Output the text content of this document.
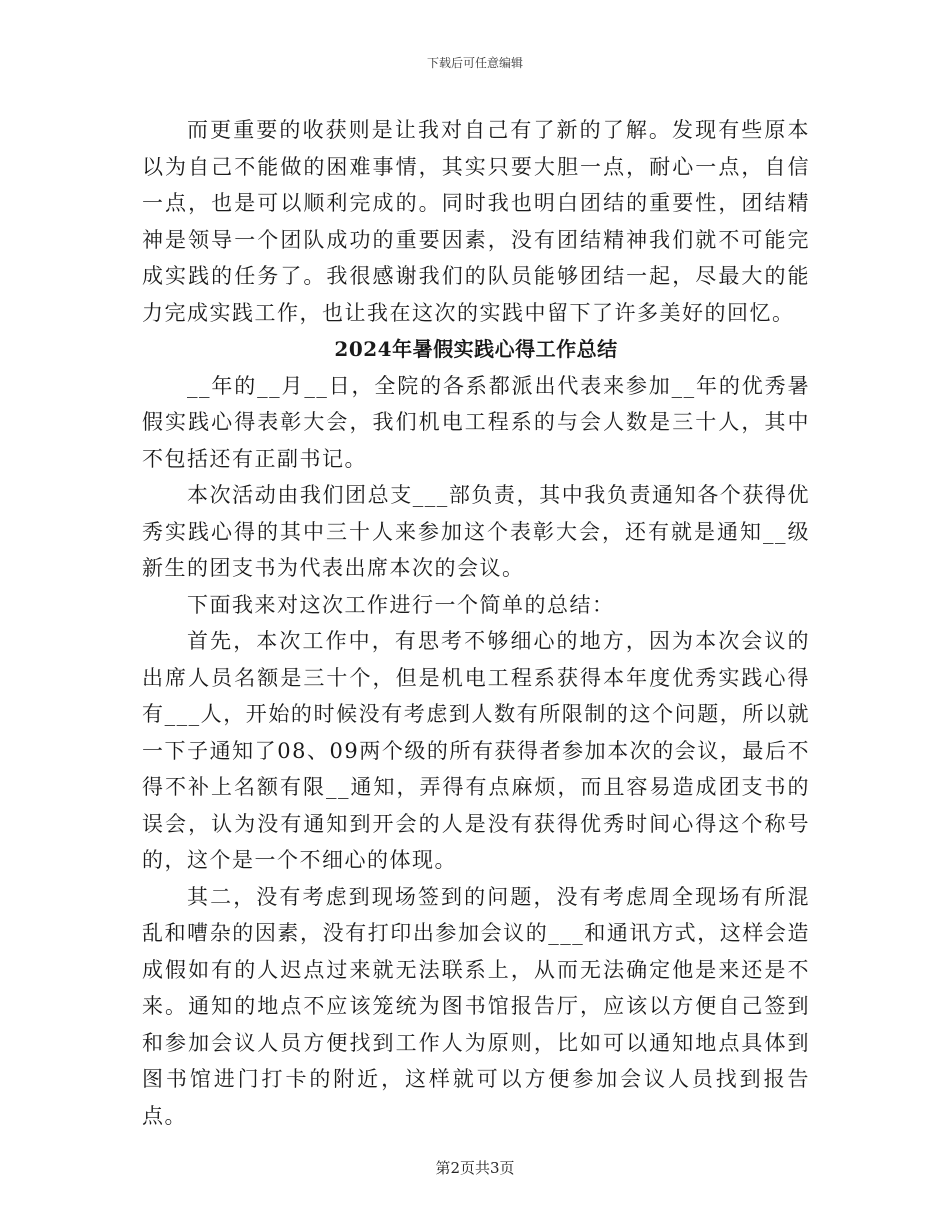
下载后可任意编辑

而更重要的收获则是让我对自己有了新的了解。发现有些原本以为自己不能做的困难事情，其实只要大胆一点，耐心一点，自信一点，也是可以顺利完成的。同时我也明白团结的重要性，团结精神是领导一个团队成功的重要因素，没有团结精神我们就不可能完成实践的任务了。我很感谢我们的队员能够团结一起，尽最大的能力完成实践工作，也让我在这次的实践中留下了许多美好的回忆。

2024年暑假实践心得工作总结

__年的__月__日，全院的各系都派出代表来参加__年的优秀暑假实践心得表彰大会，我们机电工程系的与会人数是三十人，其中不包括还有正副书记。

本次活动由我们团总支___部负责，其中我负责通知各个获得优秀实践心得的其中三十人来参加这个表彰大会，还有就是通知__级新生的团支书为代表出席本次的会议。

下面我来对这次工作进行一个简单的总结：

首先，本次工作中，有思考不够细心的地方，因为本次会议的出席人员名额是三十个，但是机电工程系获得本年度优秀实践心得有___人，开始的时候没有考虑到人数有所限制的这个问题，所以就一下子通知了08、09两个级的所有获得者参加本次的会议，最后不得不补上名额有限__通知，弄得有点麻烦，而且容易造成团支书的误会，认为没有通知到开会的人是没有获得优秀时间心得这个称号的，这个是一个不细心的体现。

其二，没有考虑到现场签到的问题，没有考虑周全现场有所混乱和嘈杂的因素，没有打印出参加会议的___和通讯方式，这样会造成假如有的人迟点过来就无法联系上，从而无法确定他是来还是不来。通知的地点不应该笼统为图书馆报告厅，应该以方便自己签到和参加会议人员方便找到工作人为原则，比如可以通知地点具体到图书馆进门打卡的附近，这样就可以方便参加会议人员找到报告点。

第2页共3页
